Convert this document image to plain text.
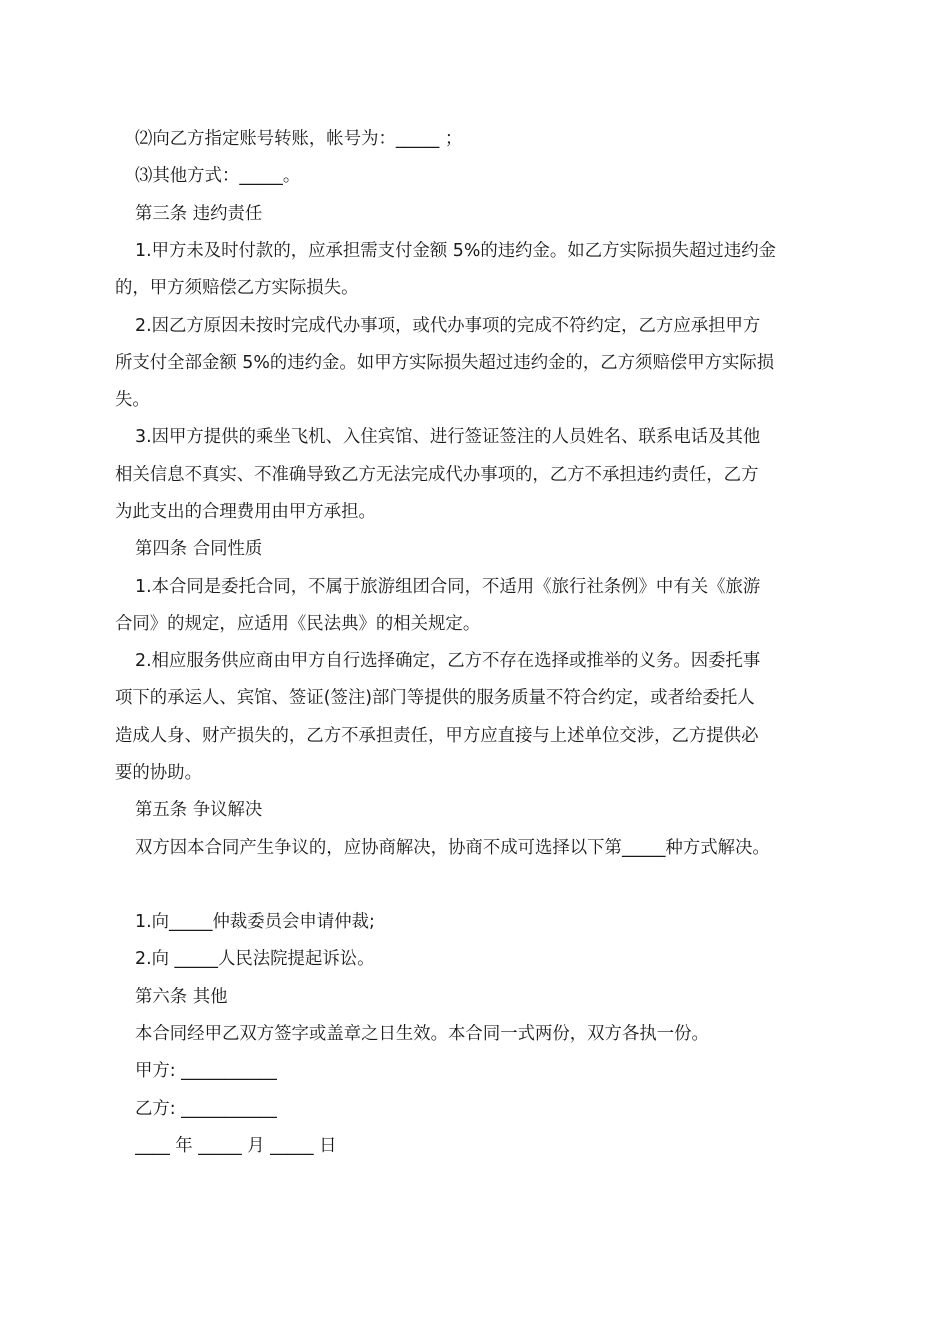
⑵向乙方指定账号转账，帐号为：_____ ；
⑶其他方式：_____。
第三条 违约责任
1.甲方未及时付款的，应承担需支付金额 5%的违约金。如乙方实际损失超过违约金
的，甲方须赔偿乙方实际损失。
2.因乙方原因未按时完成代办事项，或代办事项的完成不符约定，乙方应承担甲方
所支付全部金额 5%的违约金。如甲方实际损失超过违约金的，乙方须赔偿甲方实际损
失。
3.因甲方提供的乘坐飞机、入住宾馆、进行签证签注的人员姓名、联系电话及其他
相关信息不真实、不准确导致乙方无法完成代办事项的，乙方不承担违约责任，乙方
为此支出的合理费用由甲方承担。
第四条 合同性质
1.本合同是委托合同，不属于旅游组团合同，不适用《旅行社条例》中有关《旅游
合同》的规定，应适用《民法典》的相关规定。
2.相应服务供应商由甲方自行选择确定，乙方不存在选择或推举的义务。因委托事
项下的承运人、宾馆、签证(签注)部门等提供的服务质量不符合约定，或者给委托人
造成人身、财产损失的，乙方不承担责任，甲方应直接与上述单位交涉，乙方提供必
要的协助。
第五条 争议解决
双方因本合同产生争议的，应协商解决，协商不成可选择以下第_____种方式解决。
1.向_____仲裁委员会申请仲裁;
2.向 _____人民法院提起诉讼。
第六条 其他
本合同经甲乙双方签字或盖章之日生效。本合同一式两份，双方各执一份。
甲方: ___________
乙方: ___________
____ 年 _____ 月 _____ 日
